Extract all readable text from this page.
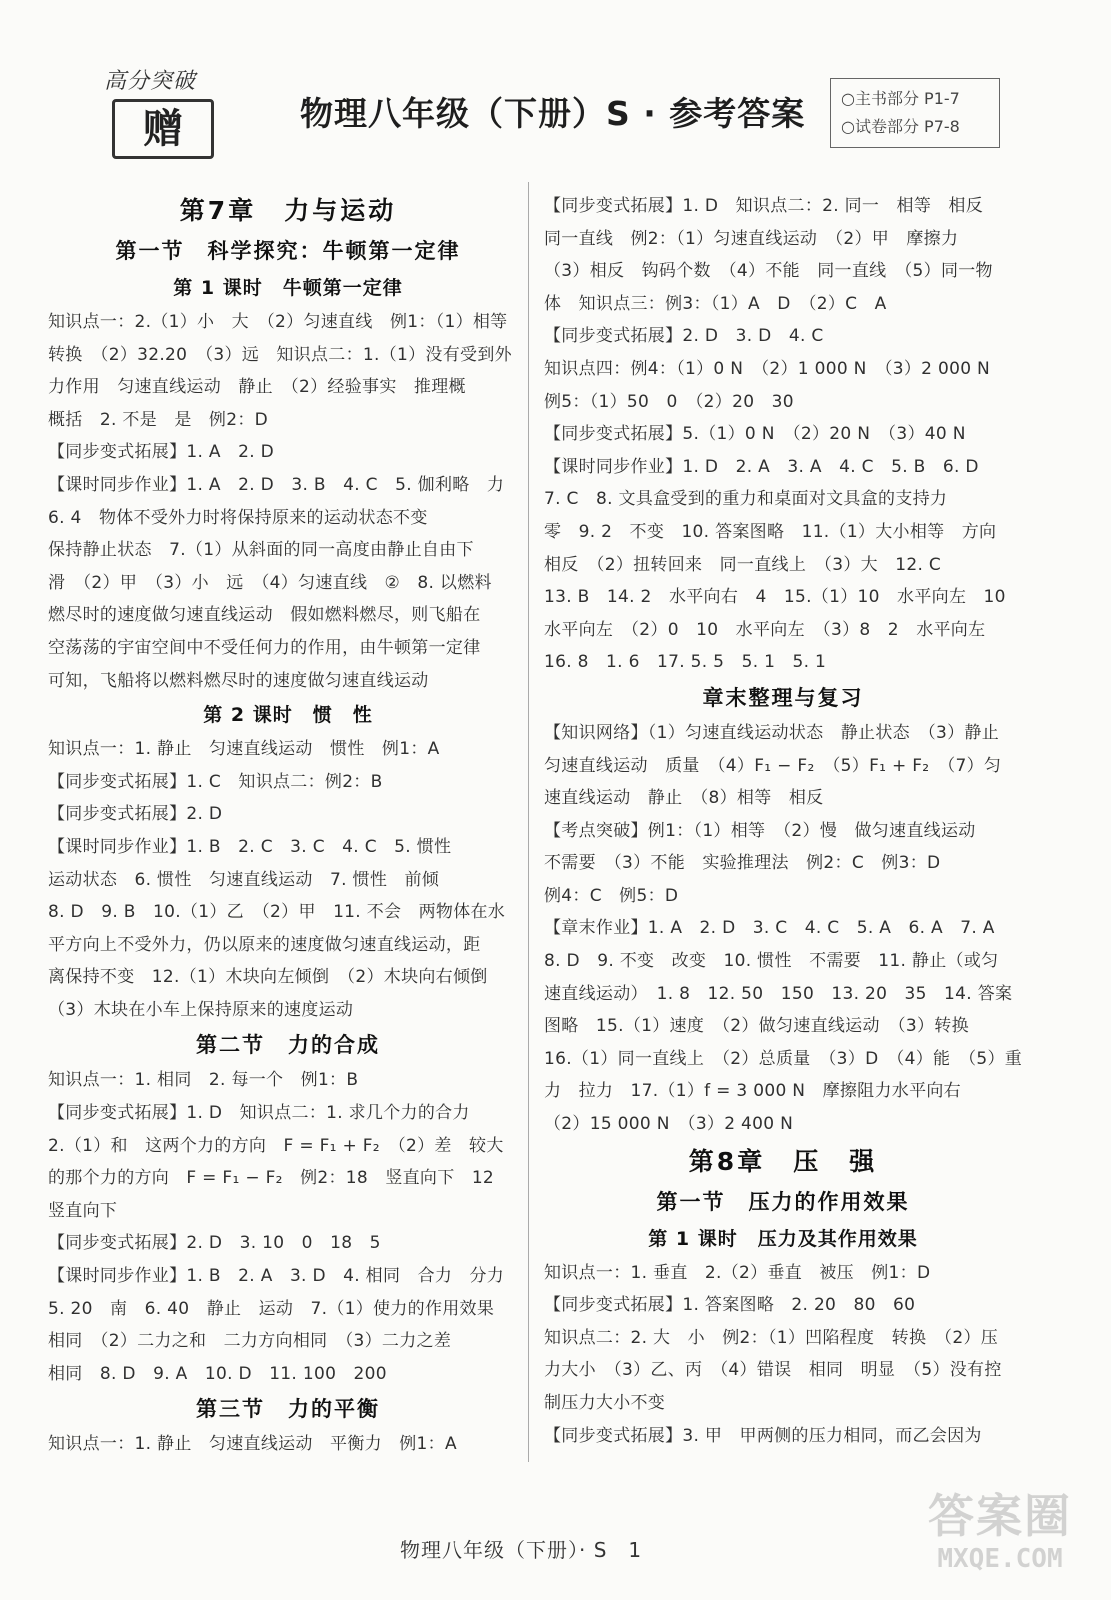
高分突破
赠	物理八年级（下册）S · 参考答案 ○主书部分 P1-7
○试卷部分 P7-8
第7章　力与运动
第一节　科学探究：牛顿第一定律
第 1 课时　牛顿第一定律
知识点一：2.（1）小　大　（2）匀速直线　例1：（1）相等
转换　（2）32.20　（3）远　知识点二：1.（1）没有受到外
力作用　匀速直线运动　静止　（2）经验事实　推理概
概括　2. 不是　是　例2：D
【同步变式拓展】1. A　2. D
【课时同步作业】1. A　2. D　3. B　4. C　5. 伽利略　力
6. 4　物体不受外力时将保持原来的运动状态不变
保持静止状态　7.（1）从斜面的同一高度由静止自由下
滑　（2）甲　（3）小　远　（4）匀速直线　②　8. 以燃料
燃尽时的速度做匀速直线运动　假如燃料燃尽，则飞船在
空荡荡的宇宙空间中不受任何力的作用，由牛顿第一定律
可知，飞船将以燃料燃尽时的速度做匀速直线运动
第 2 课时　惯　性
知识点一：1. 静止　匀速直线运动　惯性　例1：A
【同步变式拓展】1. C　知识点二：例2：B
【同步变式拓展】2. D
【课时同步作业】1. B　2. C　3. C　4. C　5. 惯性
运动状态　6. 惯性　匀速直线运动　7. 惯性　前倾
8. D　9. B　10.（1）乙　（2）甲　11. 不会　两物体在水
平方向上不受外力，仍以原来的速度做匀速直线运动，距
离保持不变　12.（1）木块向左倾倒　（2）木块向右倾倒
（3）木块在小车上保持原来的速度运动
第二节　力的合成
知识点一：1. 相同　2. 每一个　例1：B
【同步变式拓展】1. D　知识点二：1. 求几个力的合力
2.（1）和　这两个力的方向　F = F₁ + F₂　（2）差　较大
的那个力的方向　F = F₁ − F₂　例2：18　竖直向下　12
竖直向下
【同步变式拓展】2. D　3. 10　0　18　5
【课时同步作业】1. B　2. A　3. D　4. 相同　合力　分力
5. 20　南　6. 40　静止　运动　7.（1）使力的作用效果
相同　（2）二力之和　二力方向相同　（3）二力之差
相同　8. D　9. A　10. D　11. 100　200
第三节　力的平衡
知识点一：1. 静止　匀速直线运动　平衡力　例1：A
【同步变式拓展】1. D　知识点二：2. 同一　相等　相反
同一直线　例2：（1）匀速直线运动　（2）甲　摩擦力
（3）相反　钩码个数　（4）不能　同一直线　（5）同一物
体　知识点三：例3：（1）A　D　（2）C　A
【同步变式拓展】2. D　3. D　4. C
知识点四：例4：（1）0 N　（2）1 000 N　（3）2 000 N
例5：（1）50　0　（2）20　30
【同步变式拓展】5.（1）0 N　（2）20 N　（3）40 N
【课时同步作业】1. D　2. A　3. A　4. C　5. B　6. D
7. C　8. 文具盒受到的重力和桌面对文具盒的支持力
零　9. 2　不变　10. 答案图略　11.（1）大小相等　方向
相反　（2）扭转回来　同一直线上　（3）大　12. C
13. B　14. 2　水平向右　4　15.（1）10　水平向左　10
水平向左　（2）0　10　水平向左　（3）8　2　水平向左
16. 8　1. 6　17. 5. 5　5. 1　5. 1
章末整理与复习
【知识网络】（1）匀速直线运动状态　静止状态　（3）静止
匀速直线运动　质量　（4）F₁ − F₂　（5）F₁ + F₂　（7）匀
速直线运动　静止　（8）相等　相反
【考点突破】例1：（1）相等　（2）慢　做匀速直线运动
不需要　（3）不能　实验推理法　例2：C　例3：D
例4：C　例5：D
【章末作业】1. A　2. D　3. C　4. C　5. A　6. A　7. A
8. D　9. 不变　改变　10. 惯性　不需要　11. 静止（或匀
速直线运动）　1. 8　12. 50　150　13. 20　35　14. 答案
图略　15.（1）速度　（2）做匀速直线运动　（3）转换
16.（1）同一直线上　（2）总质量　（3）D　（4）能　（5）重
力　拉力　17.（1）f = 3 000 N　摩擦阻力水平向右
（2）15 000 N　（3）2 400 N
第8章　压　强
第一节　压力的作用效果
第 1 课时　压力及其作用效果
知识点一：1. 垂直　2.（2）垂直　被压　例1：D
【同步变式拓展】1. 答案图略　2. 20　80　60
知识点二：2. 大　小　例2：（1）凹陷程度　转换　（2）压
力大小　（3）乙、丙　（4）错误　相同　明显　（5）没有控
制压力大小不变
【同步变式拓展】3. 甲　甲两侧的压力相同，而乙会因为
物理八年级（下册）· S　1
答案圈
MXQE.COM
